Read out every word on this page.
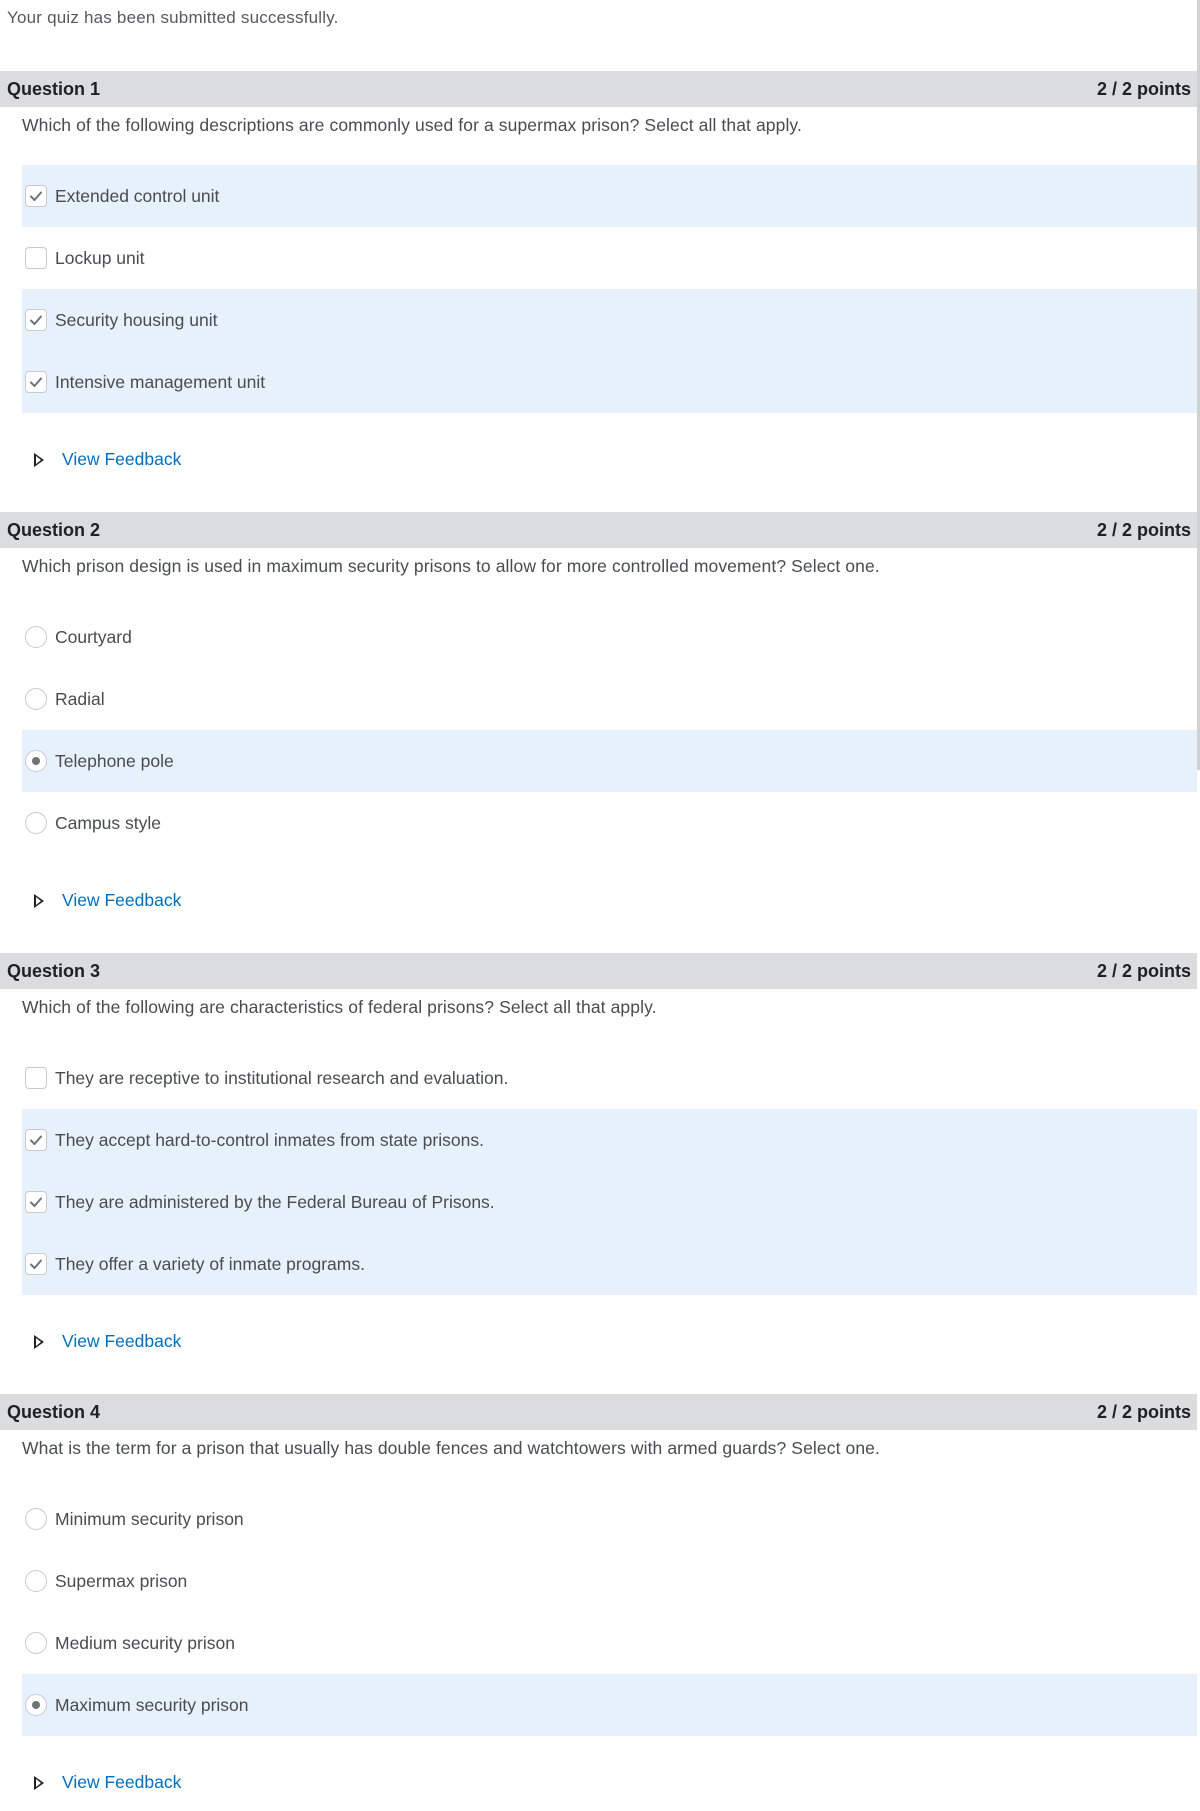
Your quiz has been submitted successfully.
Question 1	2 / 2 points
Which of the following descriptions are commonly used for a supermax prison? Select all that apply.
Extended control unit
Lockup unit
Security housing unit
Intensive management unit
View Feedback
Question 2	2 / 2 points
Which prison design is used in maximum security prisons to allow for more controlled movement? Select one.
Courtyard
Radial
Telephone pole
Campus style
View Feedback
Question 3	2 / 2 points
Which of the following are characteristics of federal prisons? Select all that apply.
They are receptive to institutional research and evaluation.
They accept hard-to-control inmates from state prisons.
They are administered by the Federal Bureau of Prisons.
They offer a variety of inmate programs.
View Feedback
Question 4	2 / 2 points
What is the term for a prison that usually has double fences and watchtowers with armed guards? Select one.
Minimum security prison
Supermax prison
Medium security prison
Maximum security prison
View Feedback
